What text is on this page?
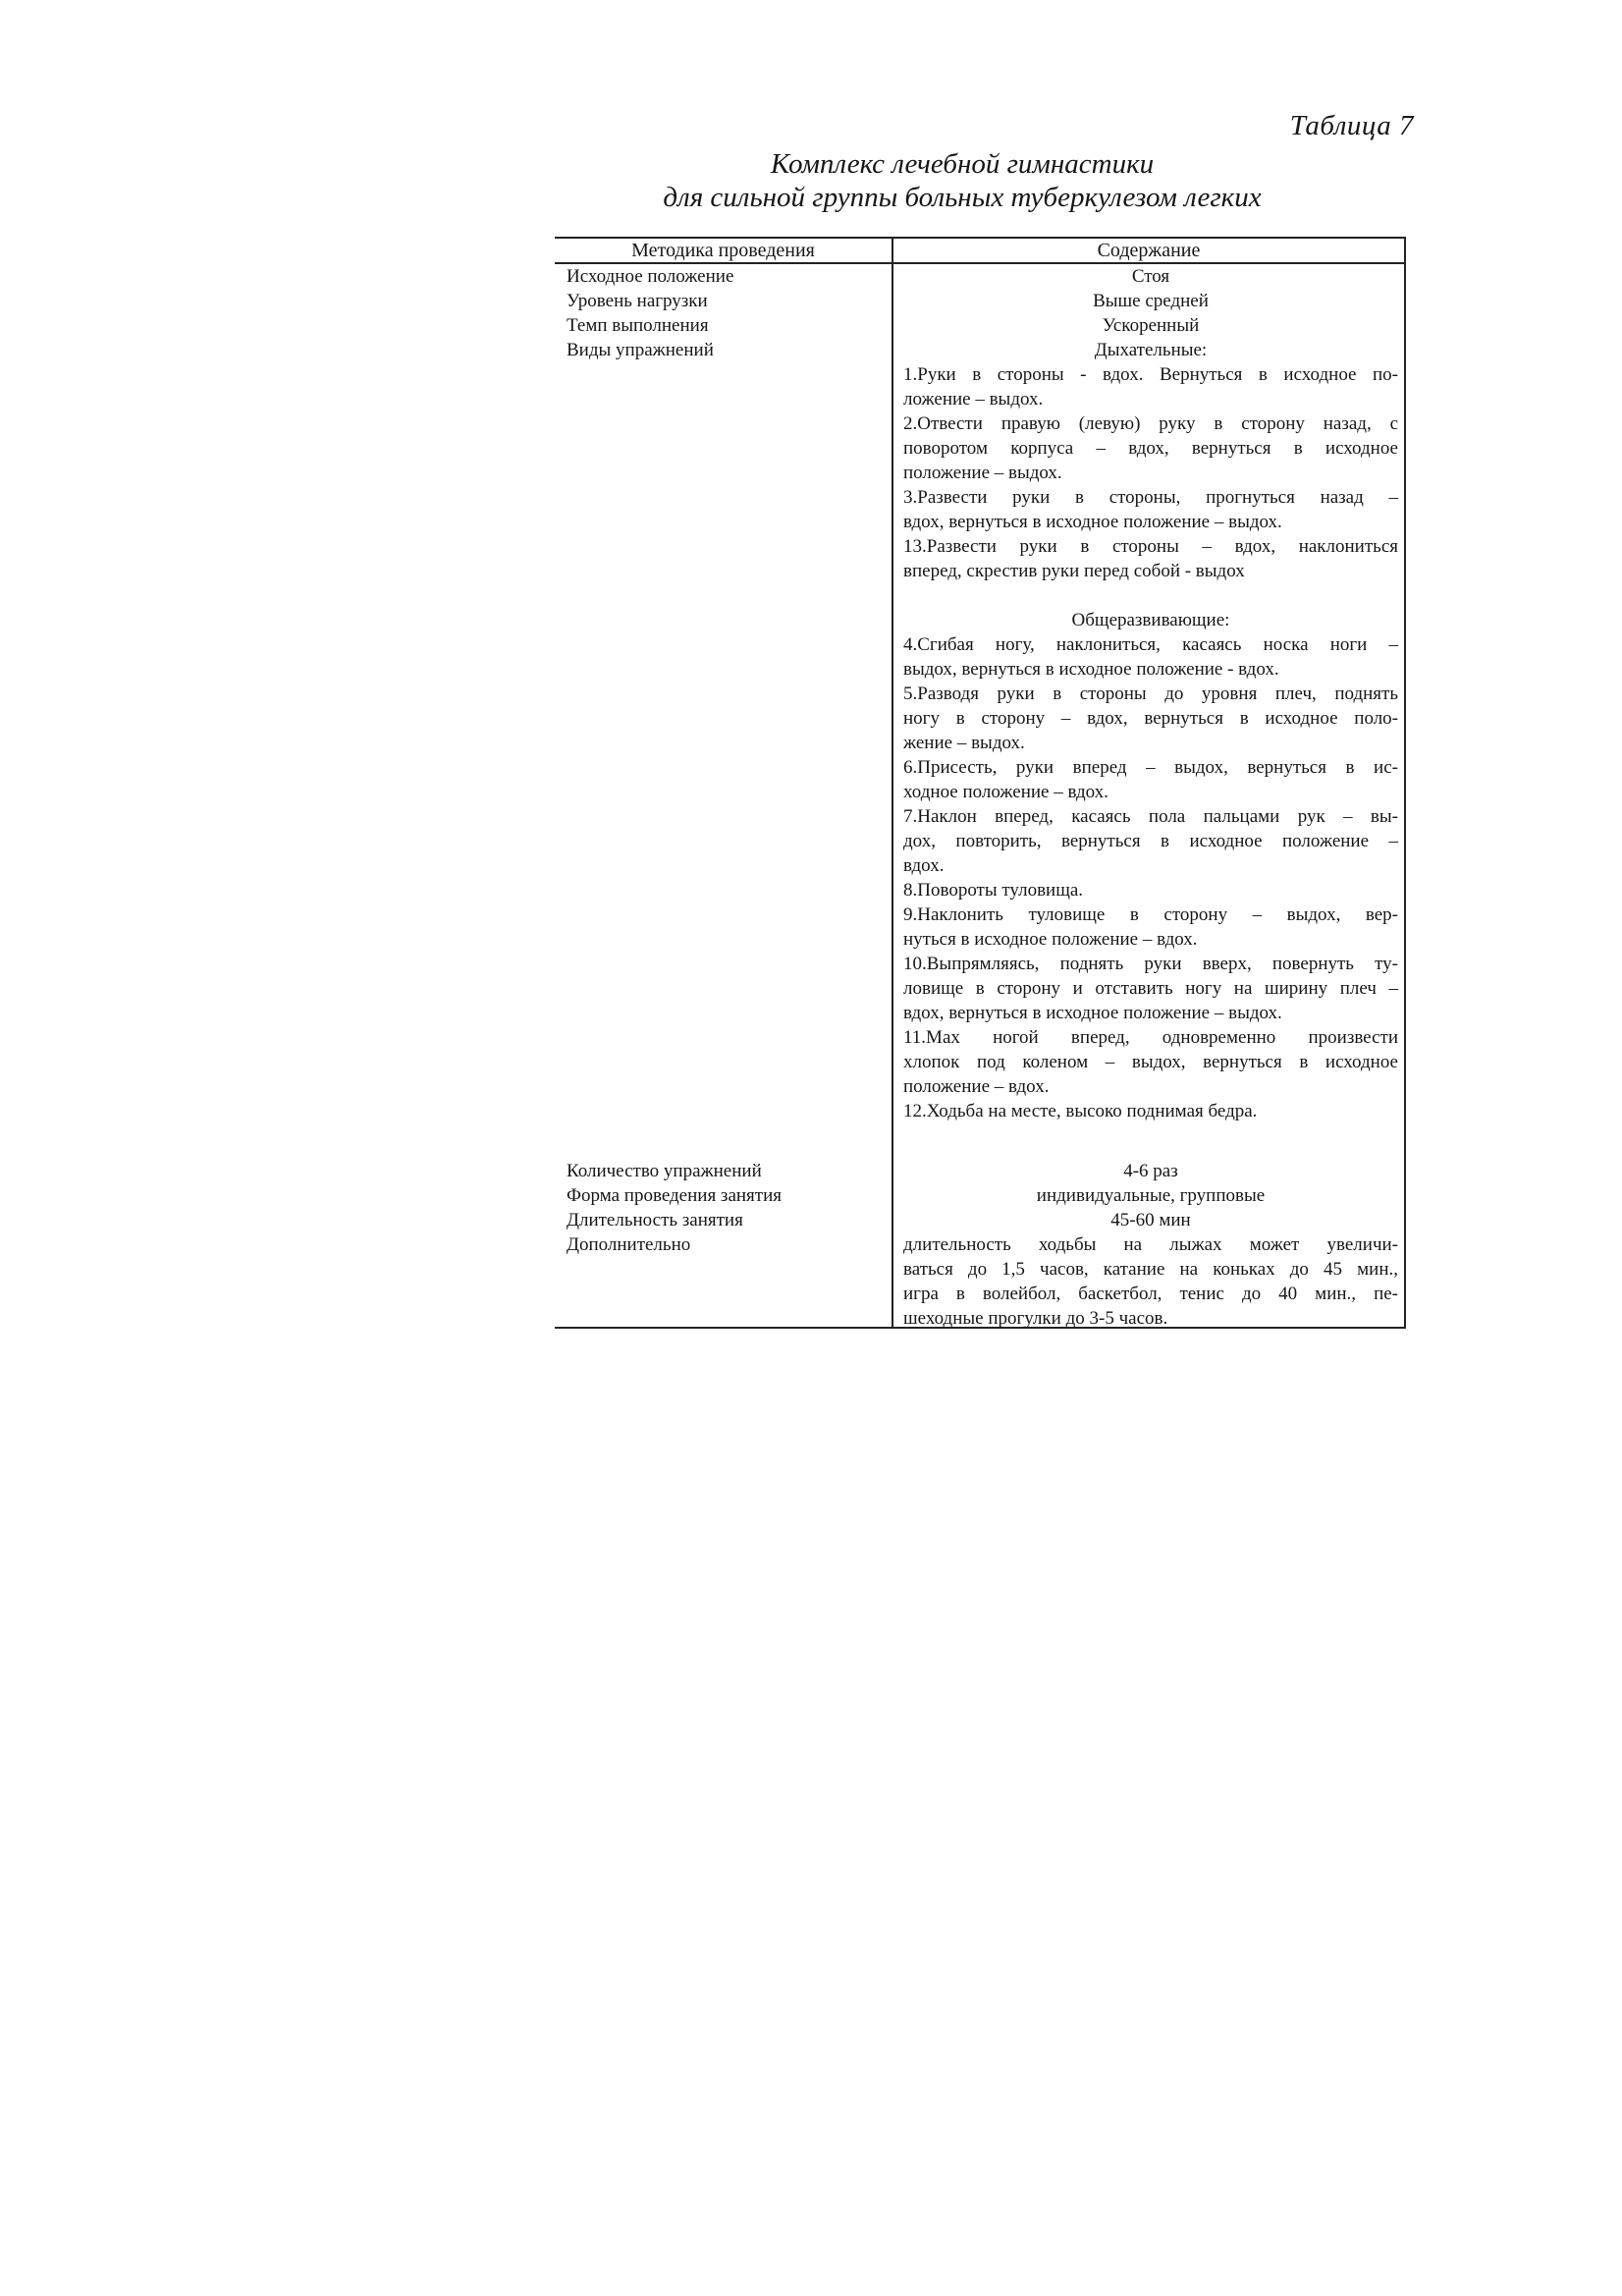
Таблица 7
Комплекс лечебной гимнастики
для сильной группы больных туберкулезом легких
Методика проведения	Содержание
Исходное положение
Уровень нагрузки
Темп выполнения
Виды упражнений
Стоя
Выше средней
Ускоренный
Дыхательные:
1.Руки в стороны - вдох. Вернуться в исходное по-
ложение – выдох.
2.Отвести правую (левую) руку в сторону назад, с
поворотом корпуса – вдох, вернуться в исходное
положение – выдох.
3.Развести руки в стороны, прогнуться назад –
вдох, вернуться в исходное положение – выдох.
13.Развести руки в стороны – вдох, наклониться
вперед, скрестив руки перед собой - выдох
Общеразвивающие:
4.Сгибая ногу, наклониться, касаясь носка ноги –
выдох, вернуться в исходное положение - вдох.
5.Разводя руки в стороны до уровня плеч, поднять
ногу в сторону – вдох, вернуться в исходное поло-
жение – выдох.
6.Присесть, руки вперед – выдох, вернуться в ис-
ходное положение – вдох.
7.Наклон вперед, касаясь пола пальцами рук – вы-
дох, повторить, вернуться в исходное положение –
вдох.
8.Повороты туловища.
9.Наклонить туловище в сторону – выдох, вер-
нуться в исходное положение – вдох.
10.Выпрямляясь, поднять руки вверх, повернуть ту-
ловище в сторону и отставить ногу на ширину плеч –
вдох, вернуться в исходное положение – выдох.
11.Мах ногой вперед, одновременно произвести
хлопок под коленом – выдох, вернуться в исходное
положение – вдох.
12.Ходьба на месте, высоко поднимая бедра.
Количество упражнений
Форма проведения занятия
Длительность занятия
Дополнительно
4-6 раз
индивидуальные, групповые
45-60 мин
длительность ходьбы на лыжах может увеличи-
ваться до 1,5 часов, катание на коньках до 45 мин.,
игра в волейбол, баскетбол, тенис до 40 мин., пе-
шеходные прогулки до 3-5 часов.
